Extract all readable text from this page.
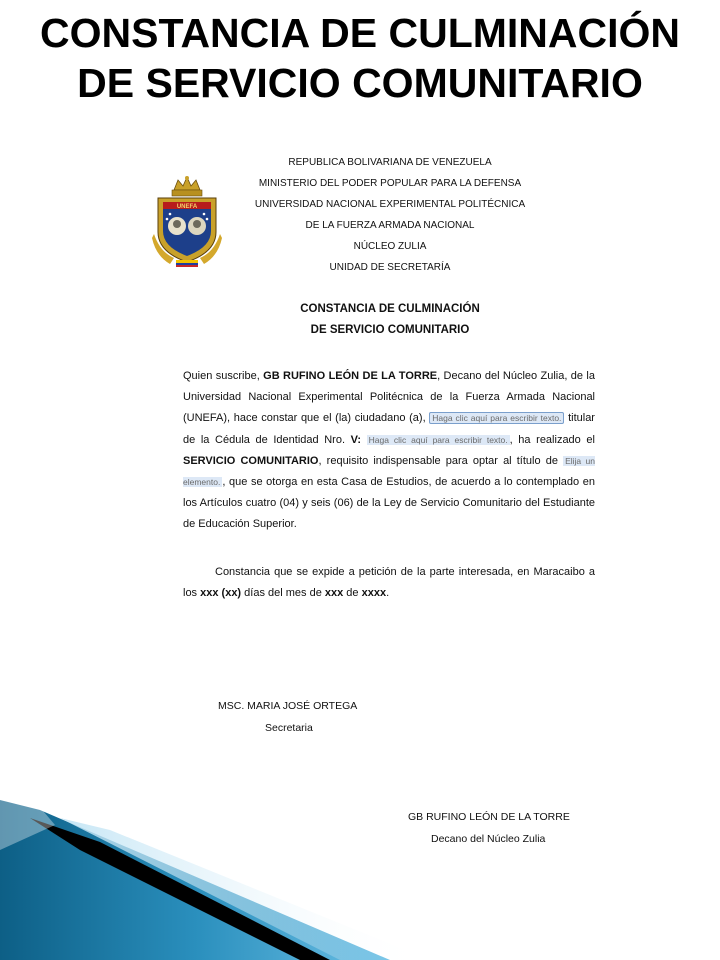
CONSTANCIA DE CULMINACIÓN
DE SERVICIO COMUNITARIO
UNEFA
REPUBLICA BOLIVARIANA DE VENEZUELA
MINISTERIO DEL PODER POPULAR PARA LA DEFENSA
UNIVERSIDAD NACIONAL EXPERIMENTAL POLITÉCNICA
DE LA FUERZA ARMADA NACIONAL
NÚCLEO ZULIA
UNIDAD DE SECRETARÍA
CONSTANCIA DE CULMINACIÓN
DE SERVICIO COMUNITARIO
Quien suscribe, GB RUFINO LEÓN DE LA TORRE, Decano del Núcleo Zulia, de la Universidad Nacional Experimental Politécnica de la Fuerza Armada Nacional (UNEFA), hace constar que el (la) ciudadano (a), Haga clic aquí para escribir texto. titular de la Cédula de Identidad Nro. V: Haga clic aquí para escribir texto. , ha realizado el SERVICIO COMUNITARIO, requisito indispensable para optar al título de Elija un elemento. , que se otorga en esta Casa de Estudios, de acuerdo a lo contemplado en los Artículos cuatro (04) y seis (06) de la Ley de Servicio Comunitario del Estudiante de Educación Superior.
Constancia que se expide a petición de la parte interesada, en Maracaibo a los xxx (xx) días del mes de xxx de xxxx.
MSC. MARIA JOSÉ ORTEGA
Secretaria
GB RUFINO LEÓN DE LA TORRE
Decano del Núcleo Zulia
